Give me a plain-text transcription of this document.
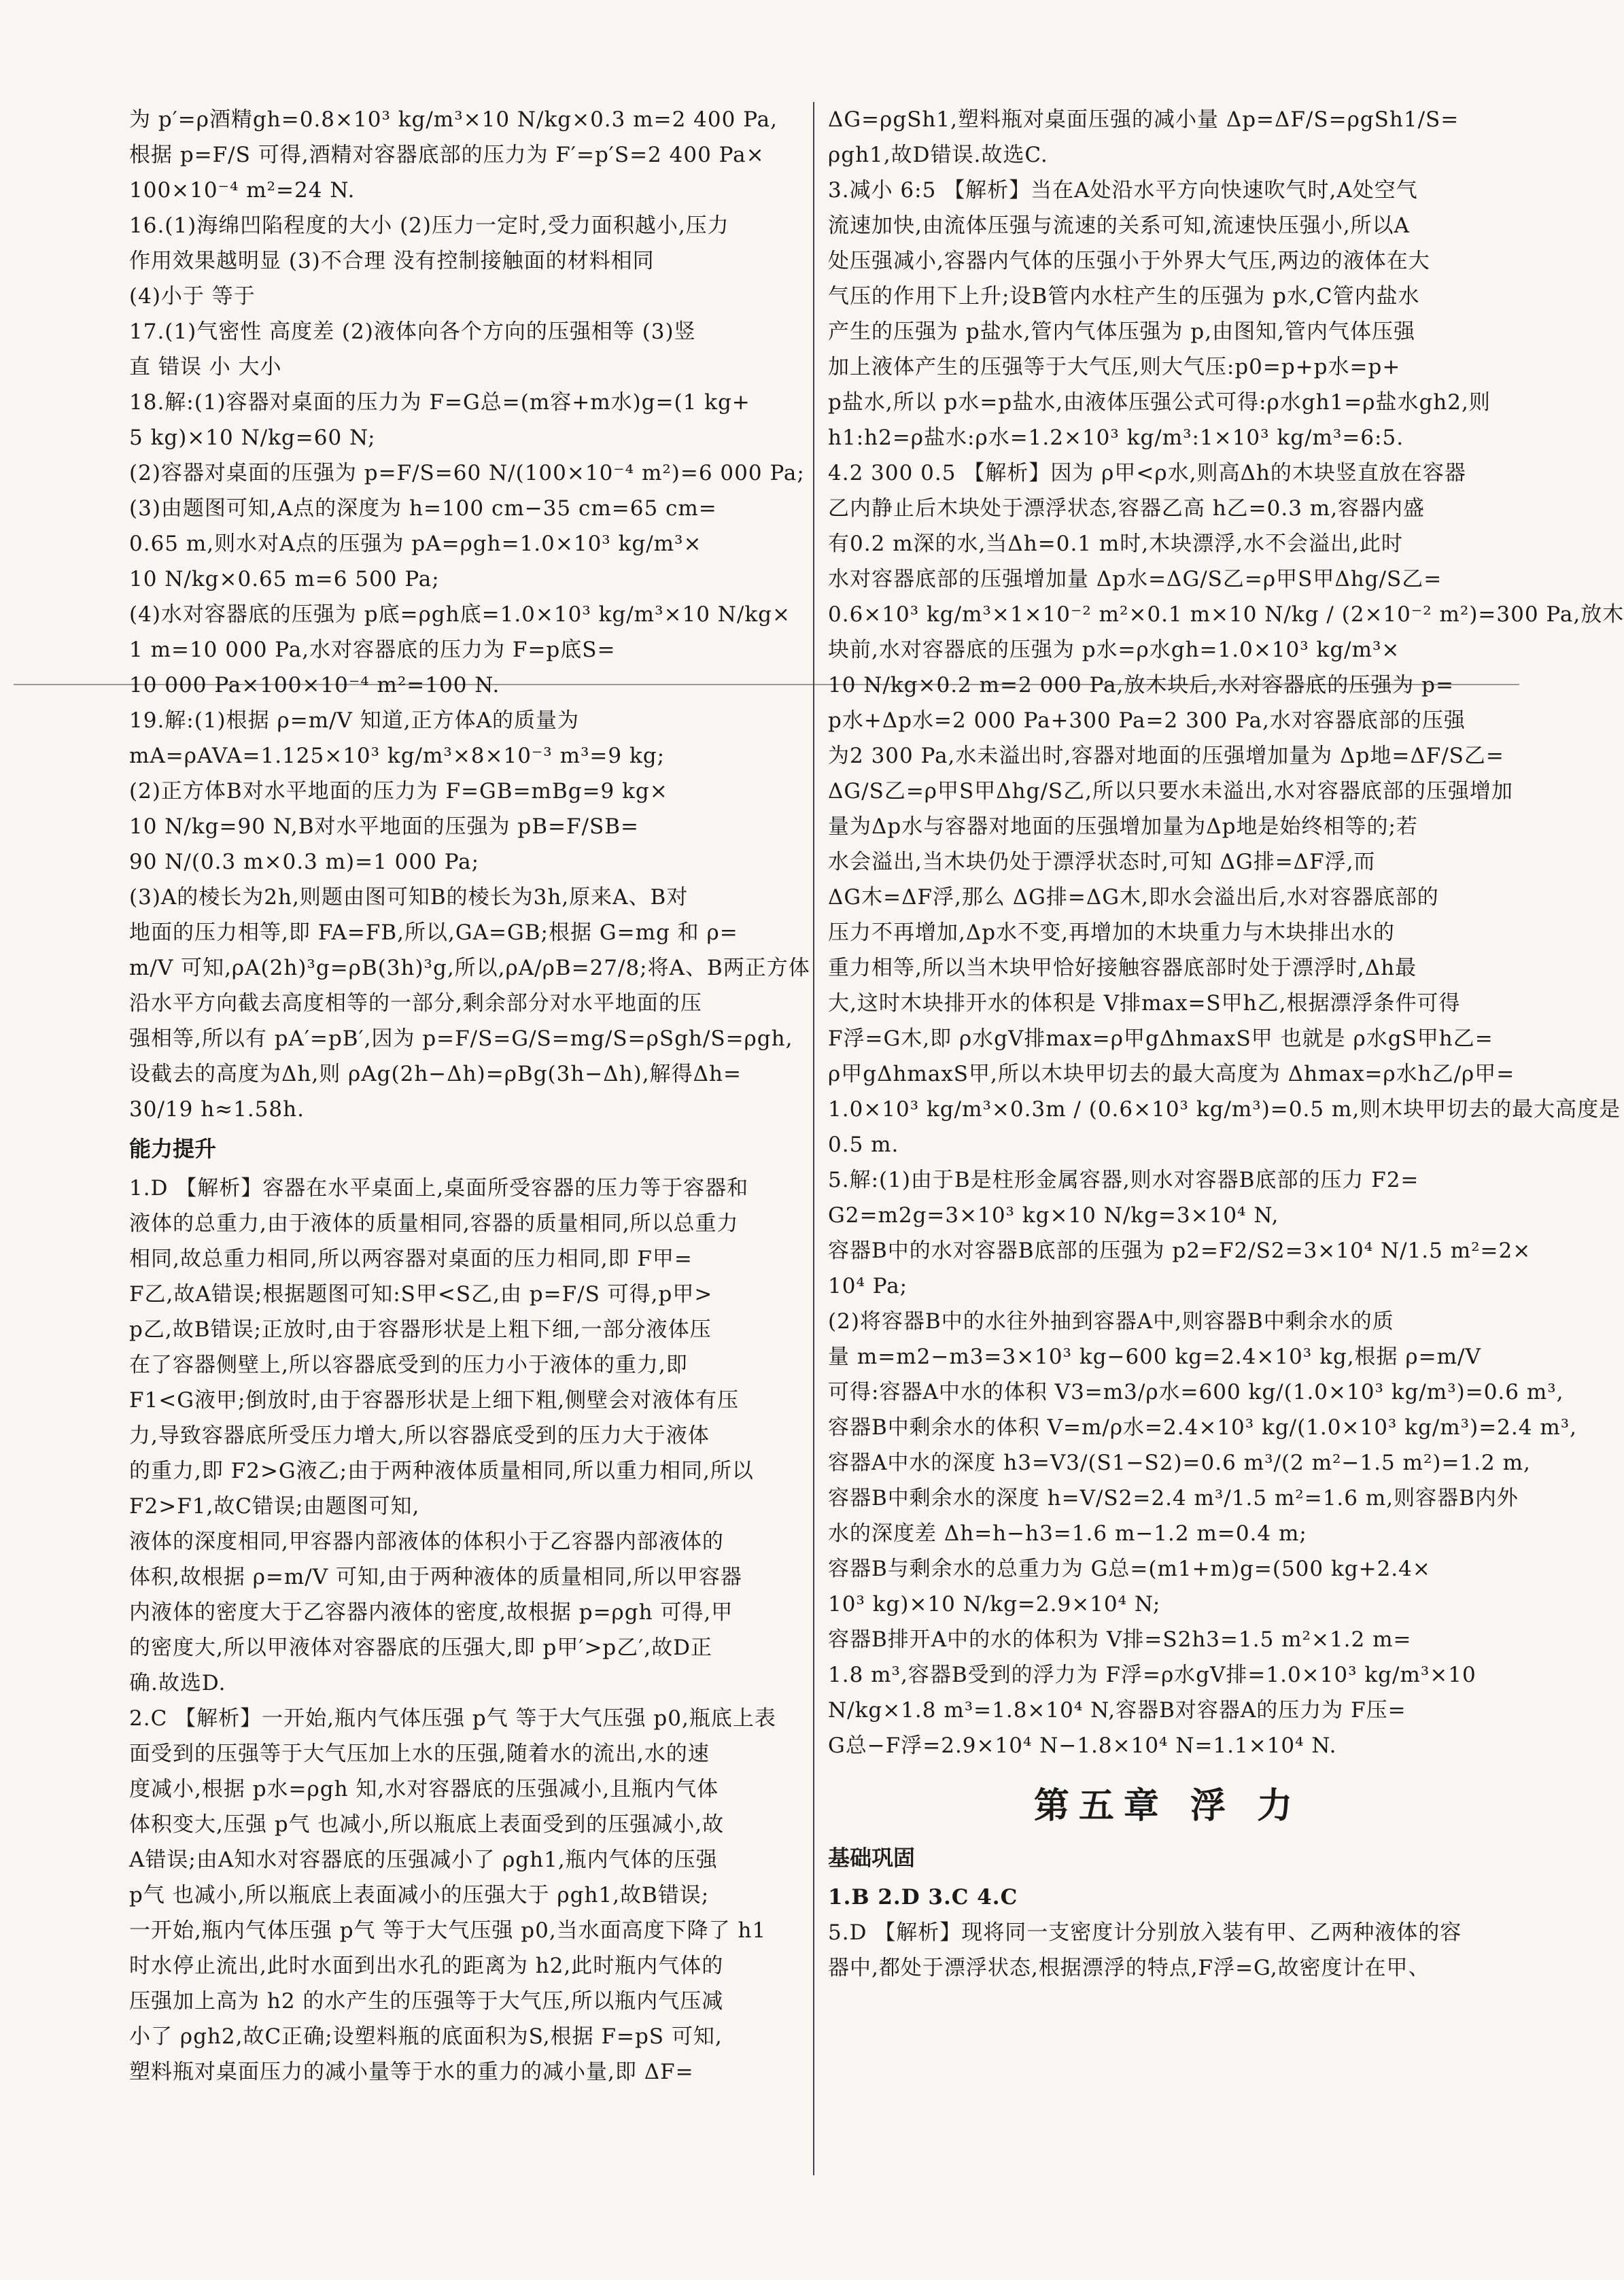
为 p′=ρ酒精gh=0.8×10³ kg/m³×10 N/kg×0.3 m=2 400 Pa,

根据 p=F/S 可得,酒精对容器底部的压力为 F′=p′S=2 400 Pa×

100×10⁻⁴ m²=24 N.

16.(1)海绵凹陷程度的大小 (2)压力一定时,受力面积越小,压力

作用效果越明显 (3)不合理 没有控制接触面的材料相同

(4)小于 等于

17.(1)气密性 高度差 (2)液体向各个方向的压强相等 (3)竖

直 错误 小 大小

18.解:(1)容器对桌面的压力为 F=G总=(m容+m水)g=(1 kg+

5 kg)×10 N/kg=60 N;

(2)容器对桌面的压强为 p=F/S=60 N/(100×10⁻⁴ m²)=6 000 Pa;

(3)由题图可知,A点的深度为 h=100 cm−35 cm=65 cm=

0.65 m,则水对A点的压强为 pA=ρgh=1.0×10³ kg/m³×

10 N/kg×0.65 m=6 500 Pa;

(4)水对容器底的压强为 p底=ρgh底=1.0×10³ kg/m³×10 N/kg×

1 m=10 000 Pa,水对容器底的压力为 F=p底S=

10 000 Pa×100×10⁻⁴ m²=100 N.

19.解:(1)根据 ρ=m/V 知道,正方体A的质量为

mA=ρAVA=1.125×10³ kg/m³×8×10⁻³ m³=9 kg;

(2)正方体B对水平地面的压力为 F=GB=mBg=9 kg×

10 N/kg=90 N,B对水平地面的压强为 pB=F/SB=

90 N/(0.3 m×0.3 m)=1 000 Pa;

(3)A的棱长为2h,则题由图可知B的棱长为3h,原来A、B对

地面的压力相等,即 FA=FB,所以,GA=GB;根据 G=mg 和 ρ=

m/V 可知,ρA(2h)³g=ρB(3h)³g,所以,ρA/ρB=27/8;将A、B两正方体

沿水平方向截去高度相等的一部分,剩余部分对水平地面的压

强相等,所以有 pA′=pB′,因为 p=F/S=G/S=mg/S=ρSgh/S=ρgh,

设截去的高度为Δh,则 ρAg(2h−Δh)=ρBg(3h−Δh),解得Δh=

30/19 h≈1.58h.

能力提升

1.D 【解析】容器在水平桌面上,桌面所受容器的压力等于容器和

液体的总重力,由于液体的质量相同,容器的质量相同,所以总重力

相同,故总重力相同,所以两容器对桌面的压力相同,即 F甲=

F乙,故A错误;根据题图可知:S甲<S乙,由 p=F/S 可得,p甲>

p乙,故B错误;正放时,由于容器形状是上粗下细,一部分液体压

在了容器侧壁上,所以容器底受到的压力小于液体的重力,即

F1<G液甲;倒放时,由于容器形状是上细下粗,侧壁会对液体有压

力,导致容器底所受压力增大,所以容器底受到的压力大于液体

的重力,即 F2>G液乙;由于两种液体质量相同,所以重力相同,所以

F2>F1,故C错误;由题图可知,

液体的深度相同,甲容器内部液体的体积小于乙容器内部液体的

体积,故根据 ρ=m/V 可知,由于两种液体的质量相同,所以甲容器

内液体的密度大于乙容器内液体的密度,故根据 p=ρgh 可得,甲

的密度大,所以甲液体对容器底的压强大,即 p甲′>p乙′,故D正

确.故选D.

2.C 【解析】一开始,瓶内气体压强 p气 等于大气压强 p0,瓶底上表

面受到的压强等于大气压加上水的压强,随着水的流出,水的速

度减小,根据 p水=ρgh 知,水对容器底的压强减小,且瓶内气体

体积变大,压强 p气 也减小,所以瓶底上表面受到的压强减小,故

A错误;由A知水对容器底的压强减小了 ρgh1,瓶内气体的压强

p气 也减小,所以瓶底上表面减小的压强大于 ρgh1,故B错误;

一开始,瓶内气体压强 p气 等于大气压强 p0,当水面高度下降了 h1

时水停止流出,此时水面到出水孔的距离为 h2,此时瓶内气体的

压强加上高为 h2 的水产生的压强等于大气压,所以瓶内气压减

小了 ρgh2,故C正确;设塑料瓶的底面积为S,根据 F=pS 可知,

塑料瓶对桌面压力的减小量等于水的重力的减小量,即 ΔF=

ΔG=ρgSh1,塑料瓶对桌面压强的减小量 Δp=ΔF/S=ρgSh1/S=

ρgh1,故D错误.故选C.

3.减小 6:5 【解析】当在A处沿水平方向快速吹气时,A处空气

流速加快,由流体压强与流速的关系可知,流速快压强小,所以A

处压强减小,容器内气体的压强小于外界大气压,两边的液体在大

气压的作用下上升;设B管内水柱产生的压强为 p水,C管内盐水

产生的压强为 p盐水,管内气体压强为 p,由图知,管内气体压强

加上液体产生的压强等于大气压,则大气压:p0=p+p水=p+

p盐水,所以 p水=p盐水,由液体压强公式可得:ρ水gh1=ρ盐水gh2,则

h1:h2=ρ盐水:ρ水=1.2×10³ kg/m³:1×10³ kg/m³=6:5.

4.2 300 0.5 【解析】因为 ρ甲<ρ水,则高Δh的木块竖直放在容器

乙内静止后木块处于漂浮状态,容器乙高 h乙=0.3 m,容器内盛

有0.2 m深的水,当Δh=0.1 m时,木块漂浮,水不会溢出,此时

水对容器底部的压强增加量 Δp水=ΔG/S乙=ρ甲S甲Δhg/S乙=

0.6×10³ kg/m³×1×10⁻² m²×0.1 m×10 N/kg / (2×10⁻² m²)=300 Pa,放木

块前,水对容器底的压强为 p水=ρ水gh=1.0×10³ kg/m³×

10 N/kg×0.2 m=2 000 Pa,放木块后,水对容器底的压强为 p=

p水+Δp水=2 000 Pa+300 Pa=2 300 Pa,水对容器底部的压强

为2 300 Pa,水未溢出时,容器对地面的压强增加量为 Δp地=ΔF/S乙=

ΔG/S乙=ρ甲S甲Δhg/S乙,所以只要水未溢出,水对容器底部的压强增加

量为Δp水与容器对地面的压强增加量为Δp地是始终相等的;若

水会溢出,当木块仍处于漂浮状态时,可知 ΔG排=ΔF浮,而

ΔG木=ΔF浮,那么 ΔG排=ΔG木,即水会溢出后,水对容器底部的

压力不再增加,Δp水不变,再增加的木块重力与木块排出水的

重力相等,所以当木块甲恰好接触容器底部时处于漂浮时,Δh最

大,这时木块排开水的体积是 V排max=S甲h乙,根据漂浮条件可得

F浮=G木,即 ρ水gV排max=ρ甲gΔhmaxS甲 也就是 ρ水gS甲h乙=

ρ甲gΔhmaxS甲,所以木块甲切去的最大高度为 Δhmax=ρ水h乙/ρ甲=

1.0×10³ kg/m³×0.3m / (0.6×10³ kg/m³)=0.5 m,则木块甲切去的最大高度是

0.5 m.

5.解:(1)由于B是柱形金属容器,则水对容器B底部的压力 F2=

G2=m2g=3×10³ kg×10 N/kg=3×10⁴ N,

容器B中的水对容器B底部的压强为 p2=F2/S2=3×10⁴ N/1.5 m²=2×

10⁴ Pa;

(2)将容器B中的水往外抽到容器A中,则容器B中剩余水的质

量 m=m2−m3=3×10³ kg−600 kg=2.4×10³ kg,根据 ρ=m/V

可得:容器A中水的体积 V3=m3/ρ水=600 kg/(1.0×10³ kg/m³)=0.6 m³,

容器B中剩余水的体积 V=m/ρ水=2.4×10³ kg/(1.0×10³ kg/m³)=2.4 m³,

容器A中水的深度 h3=V3/(S1−S2)=0.6 m³/(2 m²−1.5 m²)=1.2 m,

容器B中剩余水的深度 h=V/S2=2.4 m³/1.5 m²=1.6 m,则容器B内外

水的深度差 Δh=h−h3=1.6 m−1.2 m=0.4 m;

容器B与剩余水的总重力为 G总=(m1+m)g=(500 kg+2.4×

10³ kg)×10 N/kg=2.9×10⁴ N;

容器B排开A中的水的体积为 V排=S2h3=1.5 m²×1.2 m=

1.8 m³,容器B受到的浮力为 F浮=ρ水gV排=1.0×10³ kg/m³×10

N/kg×1.8 m³=1.8×10⁴ N,容器B对容器A的压力为 F压=

G总−F浮=2.9×10⁴ N−1.8×10⁴ N=1.1×10⁴ N.

第五章 浮 力
基础巩固

1.B 2.D 3.C 4.C

5.D 【解析】现将同一支密度计分别放入装有甲、乙两种液体的容

器中,都处于漂浮状态,根据漂浮的特点,F浮=G,故密度计在甲、
